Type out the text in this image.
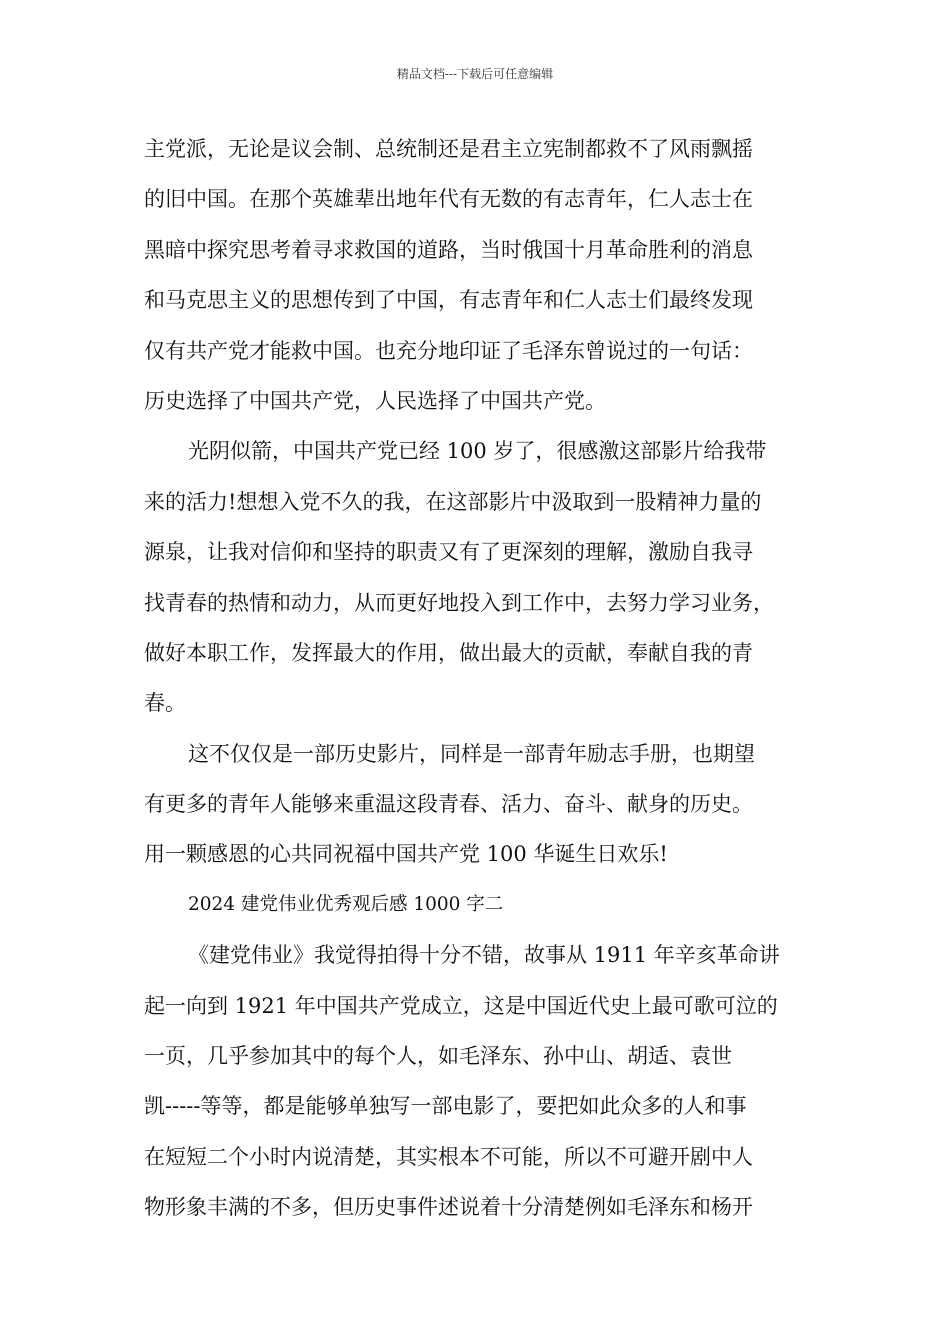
精品文档---下载后可任意编辑
主党派，无论是议会制、总统制还是君主立宪制都救不了风雨飘摇
的旧中国。在那个英雄辈出地年代有无数的有志青年，仁人志士在
黑暗中探究思考着寻求救国的道路，当时俄国十月革命胜利的消息
和马克思主义的思想传到了中国，有志青年和仁人志士们最终发现
仅有共产党才能救中国。也充分地印证了毛泽东曾说过的一句话：
历史选择了中国共产党，人民选择了中国共产党。
光阴似箭，中国共产党已经 100 岁了，很感激这部影片给我带
来的活力!想想入党不久的我，在这部影片中汲取到一股精神力量的
源泉，让我对信仰和坚持的职责又有了更深刻的理解，激励自我寻
找青春的热情和动力，从而更好地投入到工作中，去努力学习业务，
做好本职工作，发挥最大的作用，做出最大的贡献，奉献自我的青
春。
这不仅仅是一部历史影片，同样是一部青年励志手册，也期望
有更多的青年人能够来重温这段青春、活力、奋斗、献身的历史。
用一颗感恩的心共同祝福中国共产党 100 华诞生日欢乐!
2024 建党伟业优秀观后感 1000 字二
《建党伟业》我觉得拍得十分不错，故事从 1911 年辛亥革命讲
起一向到 1921 年中国共产党成立，这是中国近代史上最可歌可泣的
一页，几乎参加其中的每个人，如毛泽东、孙中山、胡适、袁世
凯-----等等，都是能够单独写一部电影了，要把如此众多的人和事
在短短二个小时内说清楚，其实根本不可能，所以不可避开剧中人
物形象丰满的不多，但历史事件述说着十分清楚例如毛泽东和杨开
